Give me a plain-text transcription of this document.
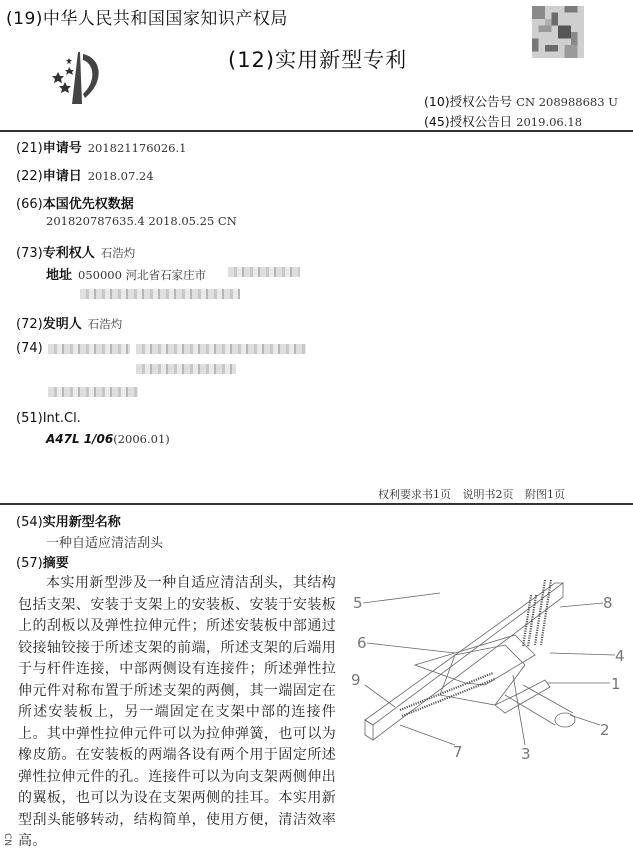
(19)中华人民共和国国家知识产权局
(12)实用新型专利
(10)授权公告号 CN 208988683 U
(45)授权公告日 2019.06.18
(21)申请号 201821176026.1
(22)申请日 2018.07.24
(66)本国优先权数据
201820787635.4 2018.05.25 CN
(73)专利权人 石浩灼
地址 050000 河北省石家庄市
(72)发明人 石浩灼
(74)
(51)Int.Cl.
A47L 1/06(2006.01)
权利要求书1页 说明书2页 附图1页
(54)实用新型名称
一种自适应清洁刮头
(57)摘要

本实用新型涉及一种自适应清洁刮头，其结构包括支架、安装于支架上的安装板、安装于安装板上的刮板以及弹性拉伸元件；所述安装板中部通过铰接轴铰接于所述支架的前端，所述支架的后端用于与杆件连接，中部两侧设有连接件；所述弹性拉伸元件对称布置于所述支架的两侧，其一端固定在所述安装板上，另一端固定在支架中部的连接件上。其中弹性拉伸元件可以为拉伸弹簧，也可以为橡皮筋。在安装板的两端各设有两个用于固定所述弹性拉伸元件的孔。连接件可以为向支架两侧伸出的翼板，也可以为设在支架两侧的挂耳。本实用新型刮头能够转动，结构简单，使用方便，清洁效率高。

CN
5	8
6
4
1
2
3
7
9
